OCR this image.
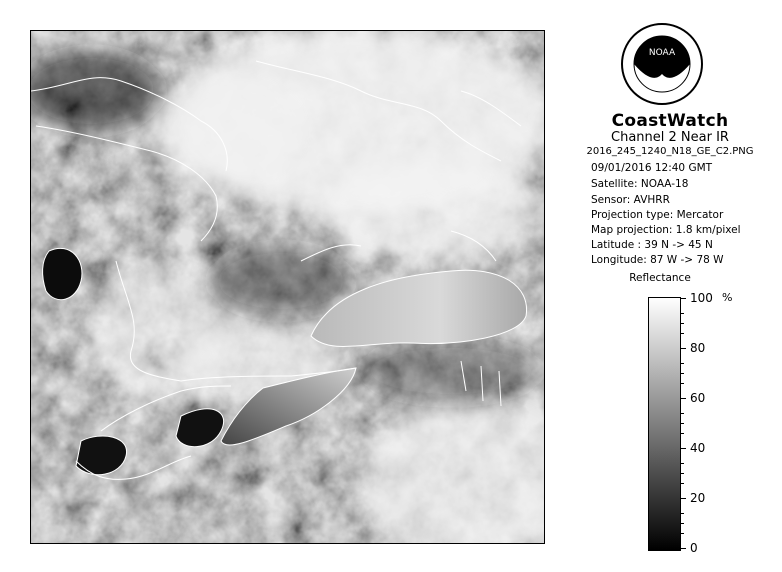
NOAA
CoastWatch
Channel 2 Near IR
2016_245_1240_N18_GE_C2.PNG
09/01/2016 12:40 GMT
Satellite: NOAA-18
Sensor: AVHRR
Projection type: Mercator
Map projection: 1.8 km/pixel
Latitude : 39 N -> 45 N
Longitude: 87 W -> 78 W
Reflectance
%
100
80
60
40
20
0
